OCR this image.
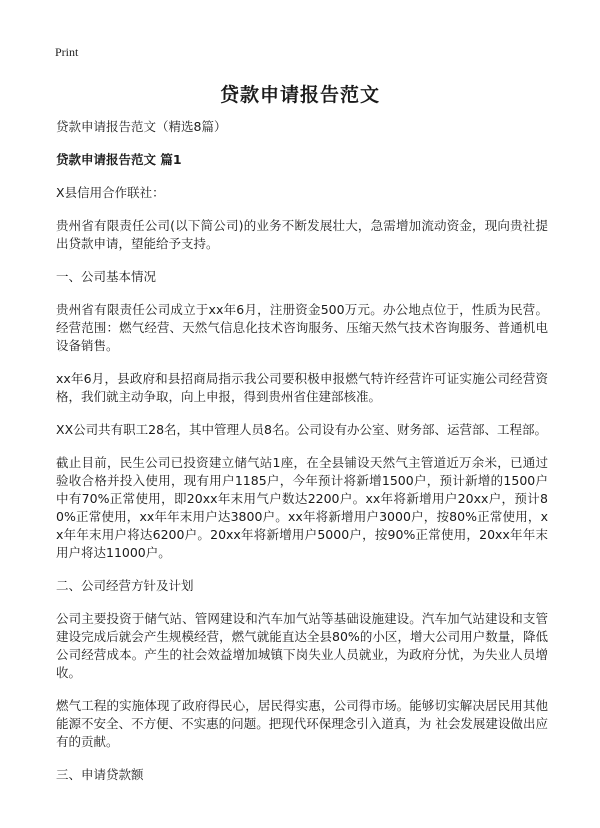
Print
贷款申请报告范文

贷款申请报告范文（精选8篇）

贷款申请报告范文 篇1

X县信用合作联社：

贵州省有限责任公司(以下简公司)的业务不断发展壮大，急需增加流动资金，现向贵社提出贷款申请，望能给予支持。

一、公司基本情况

贵州省有限责任公司成立于xx年6月，注册资金500万元。办公地点位于，性质为民营。经营范围：燃气经营、天然气信息化技术咨询服务、压缩天然气技术咨询服务、普通机电设备销售。

xx年6月，县政府和县招商局指示我公司要积极申报燃气特许经营许可证实施公司经营资格，我们就主动争取，向上申报，得到贵州省住建部核准。

XX公司共有职工28名，其中管理人员8名。公司设有办公室、财务部、运营部、工程部。

截止目前，民生公司已投资建立储气站1座，在全县铺设天然气主管道近万余米，已通过验收合格并投入使用，现有用户1185户，今年预计将新增1500户，预计新增的1500户中有70%正常使用，即20xx年末用气户数达2200户。xx年将新增用户20xx户，预计80%正常使用，xx年年末用户达3800户。xx年将新增用户3000户，按80%正常使用，xx年年末用户将达6200户。20xx年将新增用户5000户，按90%正常使用，20xx年年末用户将达11000户。

二、公司经营方针及计划

公司主要投资于储气站、管网建设和汽车加气站等基础设施建设。汽车加气站建设和支管建设完成后就会产生规模经营，燃气就能直达全县80%的小区，增大公司用户数量，降低公司经营成本。产生的社会效益增加城镇下岗失业人员就业，为政府分忧，为失业人员增收。

燃气工程的实施体现了政府得民心，居民得实惠，公司得市场。能够切实解决居民用其他能源不安全、不方便、不实惠的问题。把现代环保理念引入道真，为 社会发展建设做出应有的贡献。

三、申请贷款额
